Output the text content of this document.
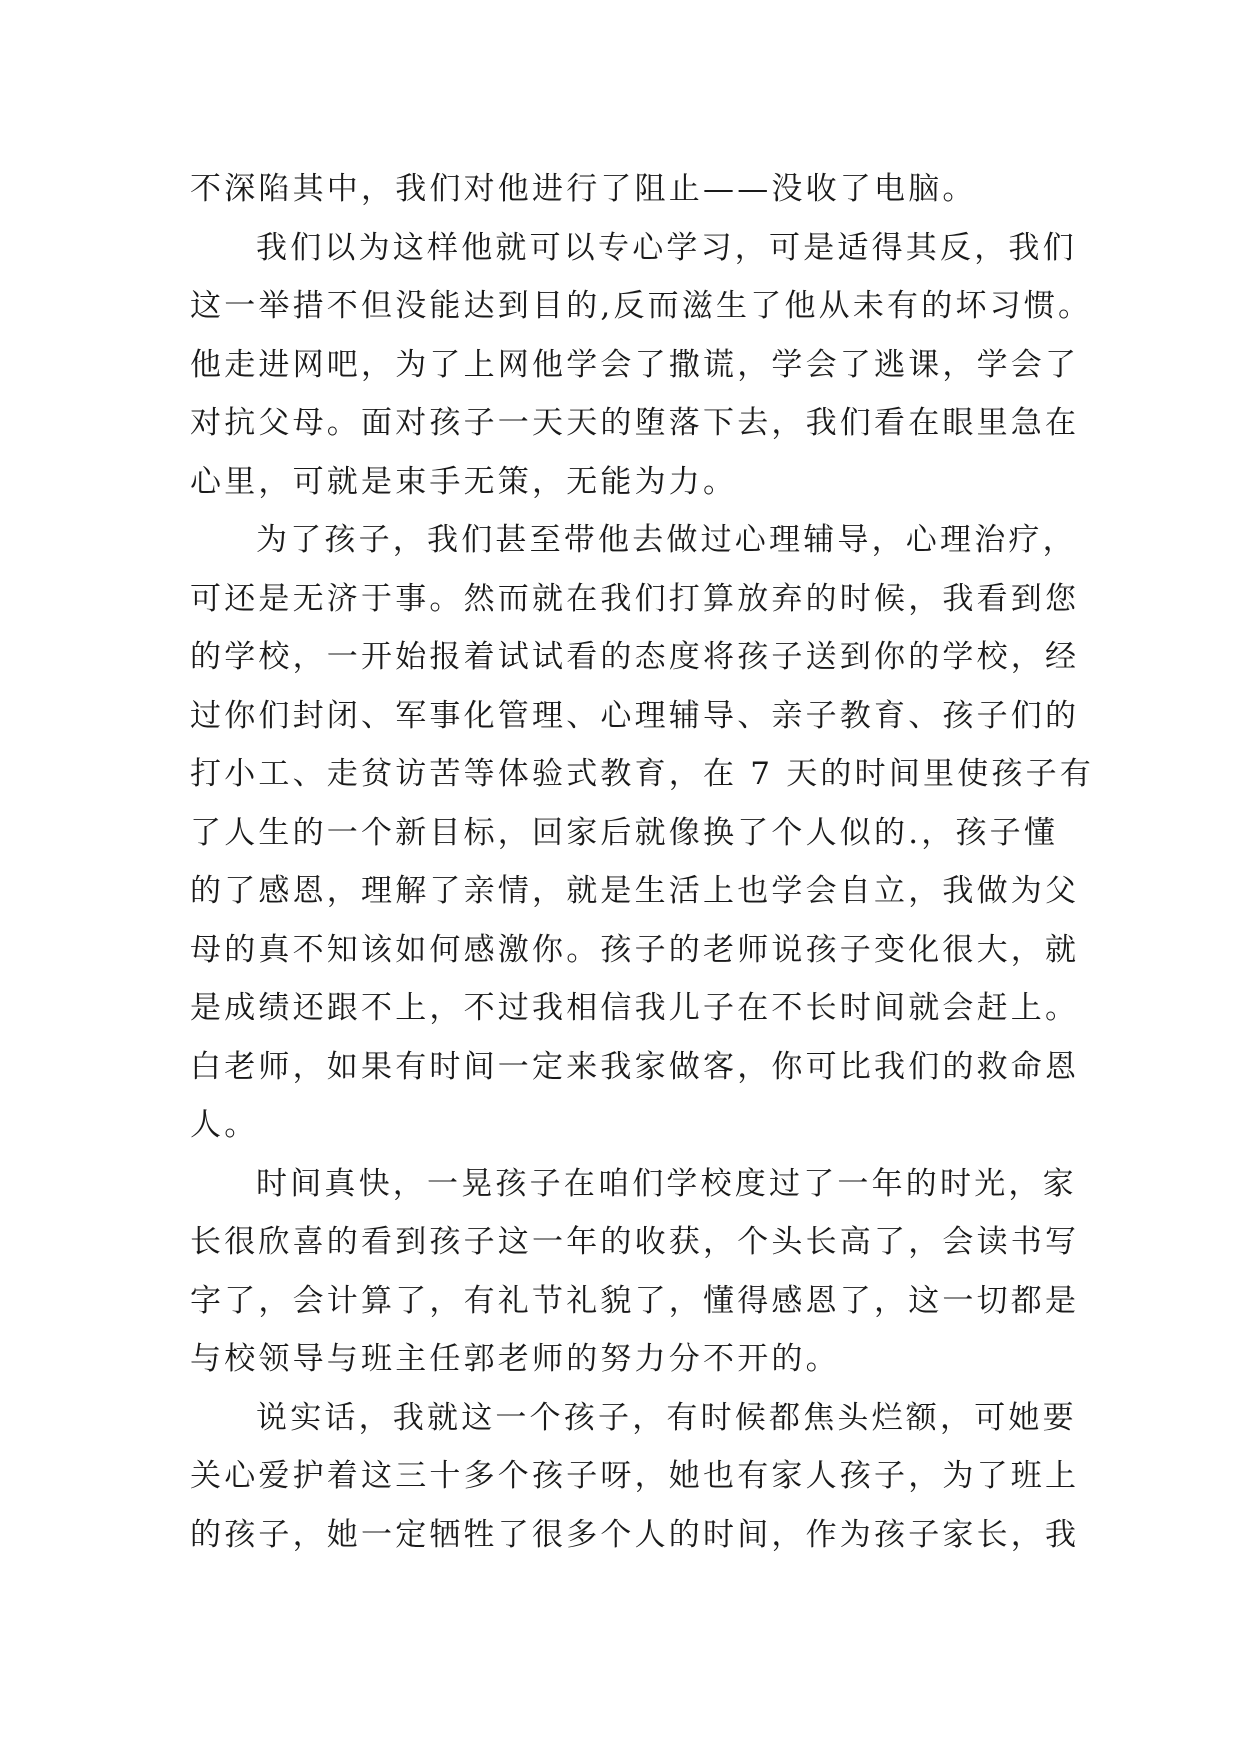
不深陷其中，我们对他进行了阻止——没收了电脑。
我们以为这样他就可以专心学习，可是适得其反，我们
这一举措不但没能达到目的,反而滋生了他从未有的坏习惯。
他走进网吧，为了上网他学会了撒谎，学会了逃课，学会了
对抗父母。面对孩子一天天的堕落下去，我们看在眼里急在
心里，可就是束手无策，无能为力。
为了孩子，我们甚至带他去做过心理辅导，心理治疗，
可还是无济于事。然而就在我们打算放弃的时候，我看到您
的学校，一开始报着试试看的态度将孩子送到你的学校，经
过你们封闭、军事化管理、心理辅导、亲子教育、孩子们的
打小工、走贫访苦等体验式教育，在 7 天的时间里使孩子有
了人生的一个新目标，回家后就像换了个人似的.，孩子懂
的了感恩，理解了亲情，就是生活上也学会自立，我做为父
母的真不知该如何感激你。孩子的老师说孩子变化很大，就
是成绩还跟不上，不过我相信我儿子在不长时间就会赶上。
白老师，如果有时间一定来我家做客，你可比我们的救命恩
人。
时间真快，一晃孩子在咱们学校度过了一年的时光，家
长很欣喜的看到孩子这一年的收获，个头长高了，会读书写
字了，会计算了，有礼节礼貌了，懂得感恩了，这一切都是
与校领导与班主任郭老师的努力分不开的。
说实话，我就这一个孩子，有时候都焦头烂额，可她要
关心爱护着这三十多个孩子呀，她也有家人孩子，为了班上
的孩子，她一定牺牲了很多个人的时间，作为孩子家长，我
